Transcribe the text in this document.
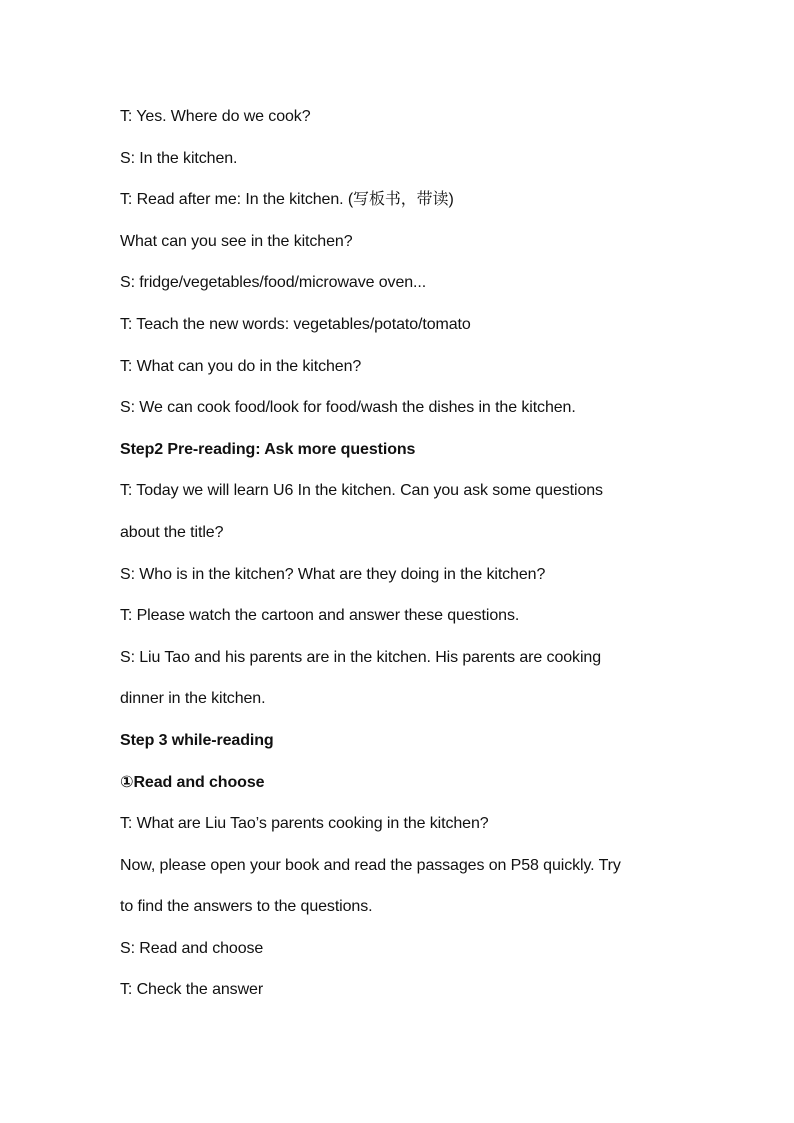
T: Yes. Where do we cook?
S: In the kitchen.
T: Read after me: In the kitchen. (写板书，带读)
What can you see in the kitchen?
S: fridge/vegetables/food/microwave oven...
T: Teach the new words: vegetables/potato/tomato
T: What can you do in the kitchen?
S: We can cook food/look for food/wash the dishes in the kitchen.
Step2 Pre-reading: Ask more questions
T: Today we will learn U6 In the kitchen. Can you ask some questions
about the title?
S: Who is in the kitchen? What are they doing in the kitchen?
T: Please watch the cartoon and answer these questions.
S: Liu Tao and his parents are in the kitchen. His parents are cooking
dinner in the kitchen.
Step 3 while-reading
①Read and choose
T: What are Liu Tao’s parents cooking in the kitchen?
Now, please open your book and read the passages on P58 quickly. Try
to find the answers to the questions.
S: Read and choose
T: Check the answer
